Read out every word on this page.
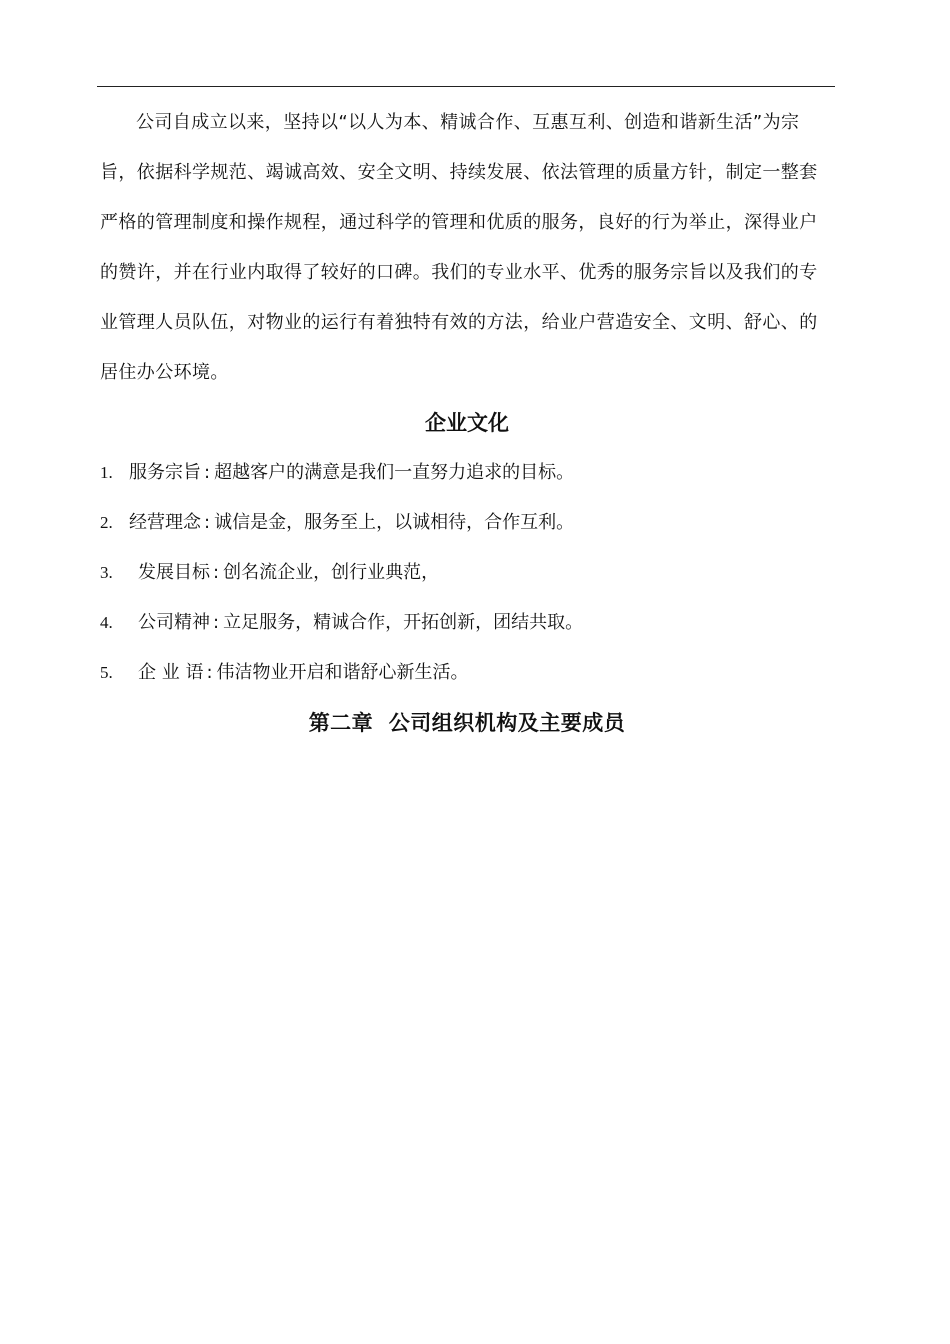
公司自成立以来，坚持以“以人为本、精诚合作、互惠互利、创造和谐新生活”为宗旨，依据科学规范、竭诚高效、安全文明、持续发展、依法管理的质量方针，制定一整套严格的管理制度和操作规程，通过科学的管理和优质的服务，良好的行为举止，深得业户的赞许，并在行业内取得了较好的口碑。我们的专业水平、优秀的服务宗旨以及我们的专业管理人员队伍，对物业的运行有着独特有效的方法，给业户营造安全、文明、舒心、的居住办公环境。

企业文化
1. 服务宗旨 : 超越客户的满意是我们一直努力追求的目标。
2. 经营理念 : 诚信是金，服务至上，以诚相待，合作互利。
3. 发展目标 : 创名流企业，创行业典范，
4. 公司精神 : 立足服务，精诚合作，开拓创新，团结共取。
5. 企 业 语 : 伟洁物业开启和谐舒心新生活。
第二章  公司组织机构及主要成员
